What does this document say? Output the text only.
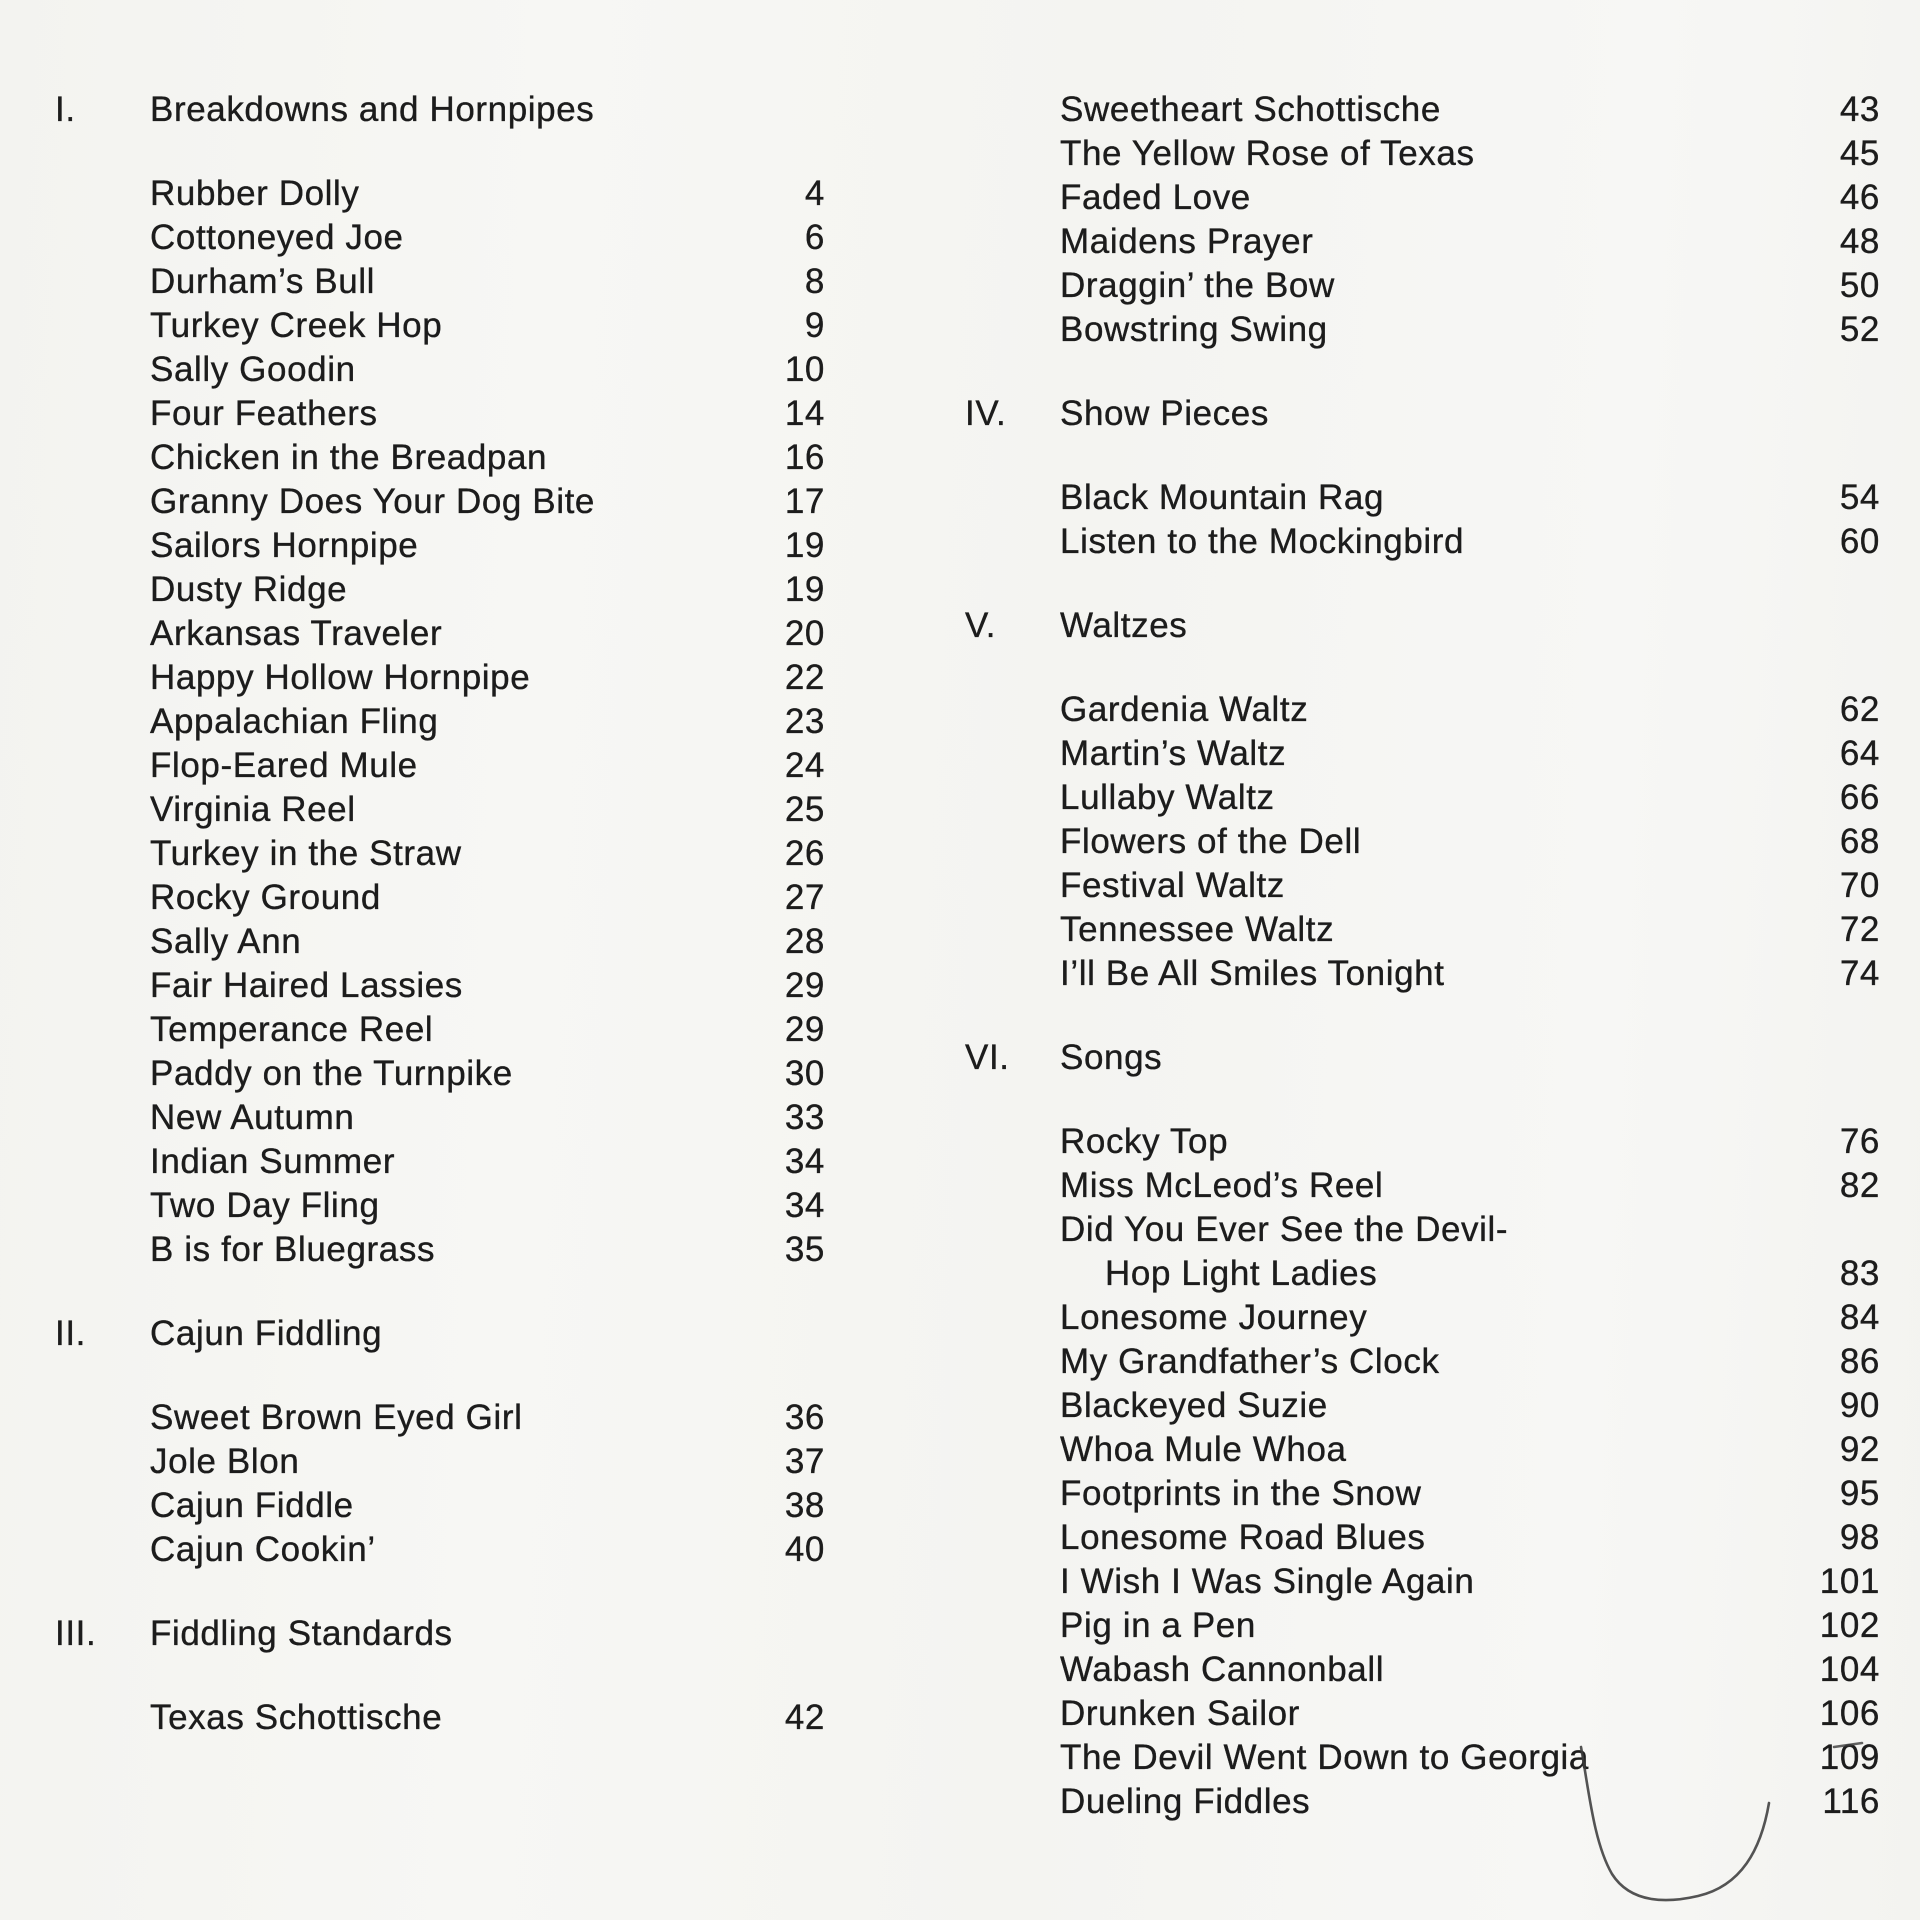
I.	Breakdowns and Hornpipes
Rubber Dolly	4
Cottoneyed Joe	6
Durham’s Bull	8
Turkey Creek Hop	9
Sally Goodin	10
Four Feathers	14
Chicken in the Breadpan	16
Granny Does Your Dog Bite	17
Sailors Hornpipe	19
Dusty Ridge	19
Arkansas Traveler	20
Happy Hollow Hornpipe	22
Appalachian Fling	23
Flop-Eared Mule	24
Virginia Reel	25
Turkey in the Straw	26
Rocky Ground	27
Sally Ann	28
Fair Haired Lassies	29
Temperance Reel	29
Paddy on the Turnpike	30
New Autumn	33
Indian Summer	34
Two Day Fling	34
B is for Bluegrass	35
II.	Cajun Fiddling
Sweet Brown Eyed Girl	36
Jole Blon	37
Cajun Fiddle	38
Cajun Cookin’	40
III.	Fiddling Standards
Texas Schottische	42
Sweetheart Schottische	43
The Yellow Rose of Texas	45
Faded Love	46
Maidens Prayer	48
Draggin’ the Bow	50
Bowstring Swing	52
IV.	Show Pieces
Black Mountain Rag	54
Listen to the Mockingbird	60
V.	Waltzes
Gardenia Waltz	62
Martin’s Waltz	64
Lullaby Waltz	66
Flowers of the Dell	68
Festival Waltz	70
Tennessee Waltz	72
I’ll Be All Smiles Tonight	74
VI.	Songs
Rocky Top	76
Miss McLeod’s Reel	82
Did You Ever See the Devil-
Hop Light Ladies	83
Lonesome Journey	84
My Grandfather’s Clock	86
Blackeyed Suzie	90
Whoa Mule Whoa	92
Footprints in the Snow	95
Lonesome Road Blues	98
I Wish I Was Single Again	101
Pig in a Pen	102
Wabash Cannonball	104
Drunken Sailor	106
The Devil Went Down to Georgia	109
Dueling Fiddles	116
